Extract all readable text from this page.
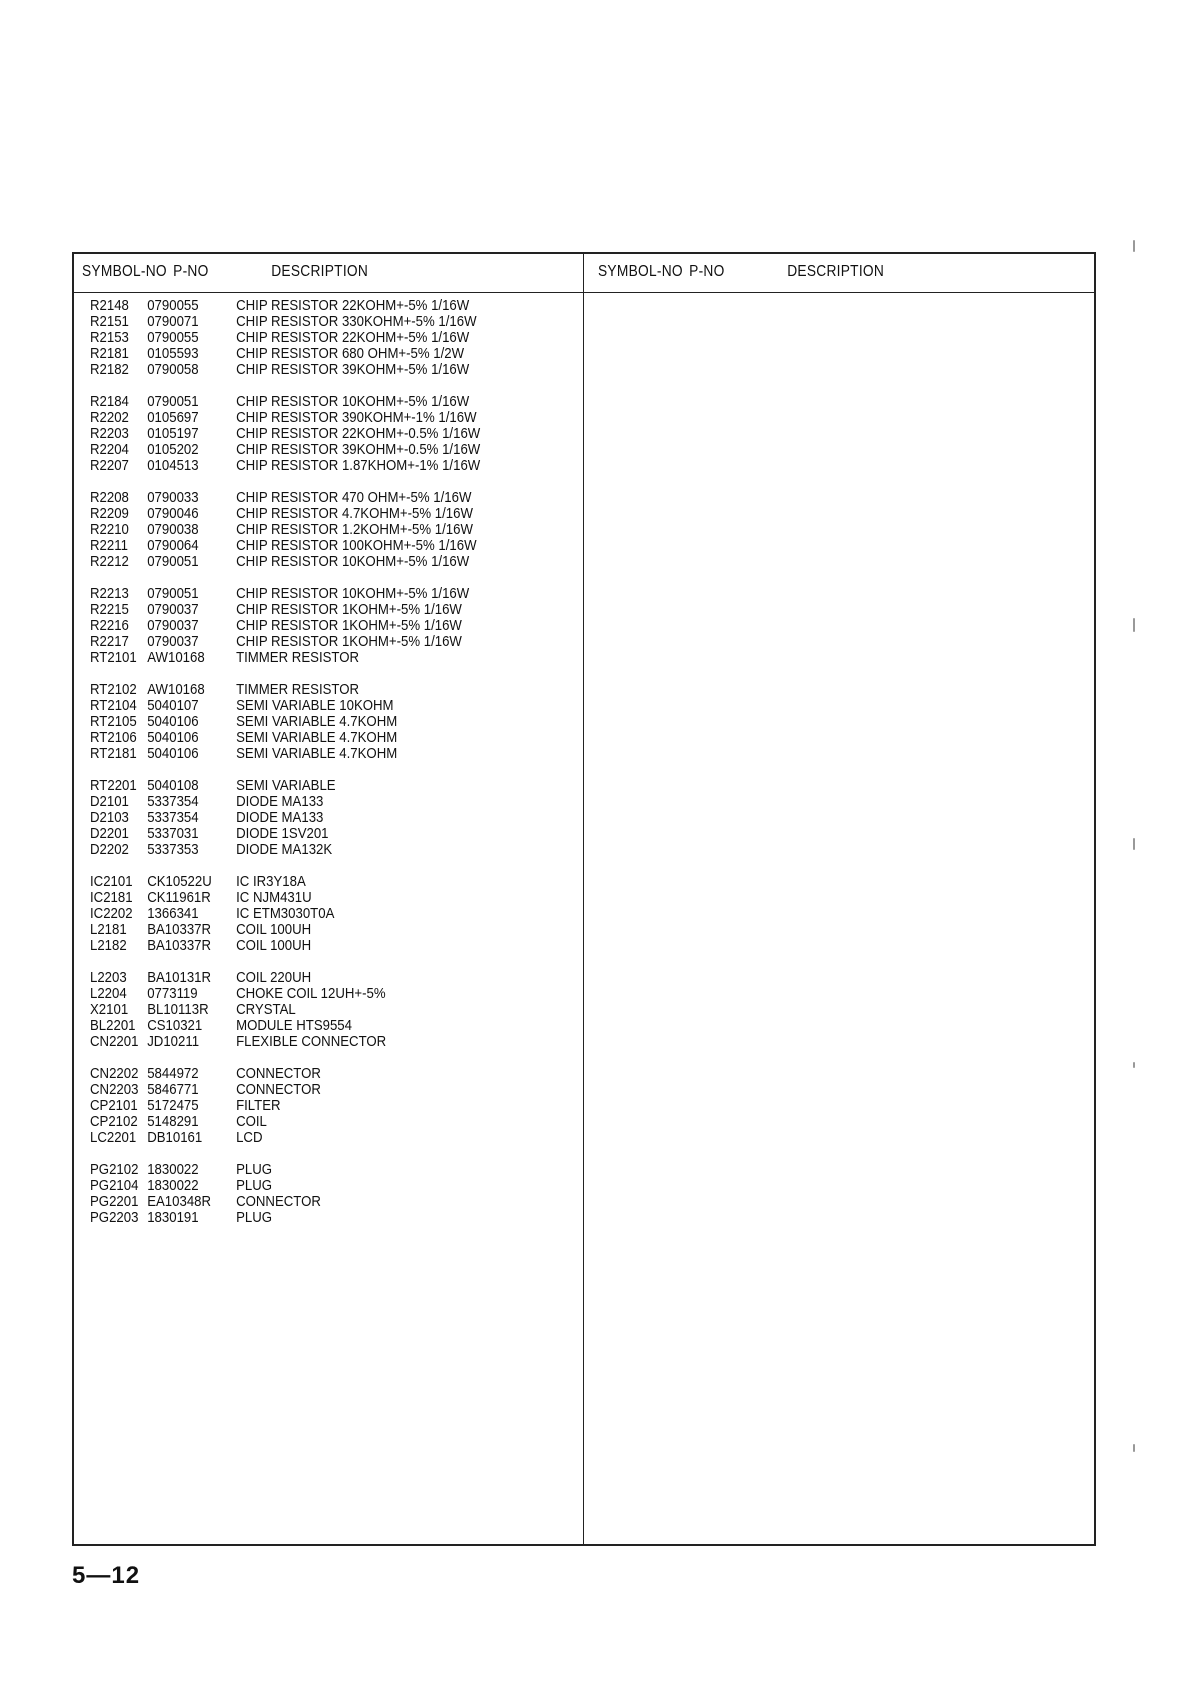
SYMBOL-NO P-NO	DESCRIPTION	SYMBOL-NO P-NO	DESCRIPTION
R2148	0790055	CHIP RESISTOR 22KOHM+-5% 1/16W
R2151	0790071	CHIP RESISTOR 330KOHM+-5% 1/16W
R2153	0790055	CHIP RESISTOR 22KOHM+-5% 1/16W
R2181	0105593	CHIP RESISTOR 680 OHM+-5% 1/2W
R2182	0790058	CHIP RESISTOR 39KOHM+-5% 1/16W
R2184	0790051	CHIP RESISTOR 10KOHM+-5% 1/16W
R2202	0105697	CHIP RESISTOR 390KOHM+-1% 1/16W
R2203	0105197	CHIP RESISTOR 22KOHM+-0.5% 1/16W
R2204	0105202	CHIP RESISTOR 39KOHM+-0.5% 1/16W
R2207	0104513	CHIP RESISTOR 1.87KHOM+-1% 1/16W
R2208	0790033	CHIP RESISTOR 470 OHM+-5% 1/16W
R2209	0790046	CHIP RESISTOR 4.7KOHM+-5% 1/16W
R2210	0790038	CHIP RESISTOR 1.2KOHM+-5% 1/16W
R2211	0790064	CHIP RESISTOR 100KOHM+-5% 1/16W
R2212	0790051	CHIP RESISTOR 10KOHM+-5% 1/16W
R2213	0790051	CHIP RESISTOR 10KOHM+-5% 1/16W
R2215	0790037	CHIP RESISTOR 1KOHM+-5% 1/16W
R2216	0790037	CHIP RESISTOR 1KOHM+-5% 1/16W
R2217	0790037	CHIP RESISTOR 1KOHM+-5% 1/16W
RT2101 AW10168	TIMMER RESISTOR
RT2102 AW10168	TIMMER RESISTOR
RT2104 5040107	SEMI VARIABLE 10KOHM
RT2105 5040106	SEMI VARIABLE 4.7KOHM
RT2106 5040106	SEMI VARIABLE 4.7KOHM
RT2181 5040106	SEMI VARIABLE 4.7KOHM
RT2201 5040108	SEMI VARIABLE
D2101	5337354	DIODE MA133
D2103	5337354	DIODE MA133
D2201	5337031	DIODE 1SV201
D2202	5337353	DIODE MA132K
IC2101 CK10522U	IC IR3Y18A
IC2181 CK11961R	IC NJM431U
IC2202 1366341	IC ETM3030T0A
L2181	BA10337R	COIL 100UH
L2182	BA10337R	COIL 100UH
L2203	BA10131R	COIL 220UH
L2204	0773119	CHOKE COIL 12UH+-5%
X2101	BL10113R	CRYSTAL
BL2201 CS10321	MODULE HTS9554
CN2201 JD10211	FLEXIBLE CONNECTOR
CN2202 5844972	CONNECTOR
CN2203 5846771	CONNECTOR
CP2101 5172475	FILTER
CP2102 5148291	COIL
LC2201 DB10161	LCD
PG2102 1830022	PLUG
PG2104 1830022	PLUG
PG2201 EA10348R	CONNECTOR
PG2203 1830191	PLUG
5—12
